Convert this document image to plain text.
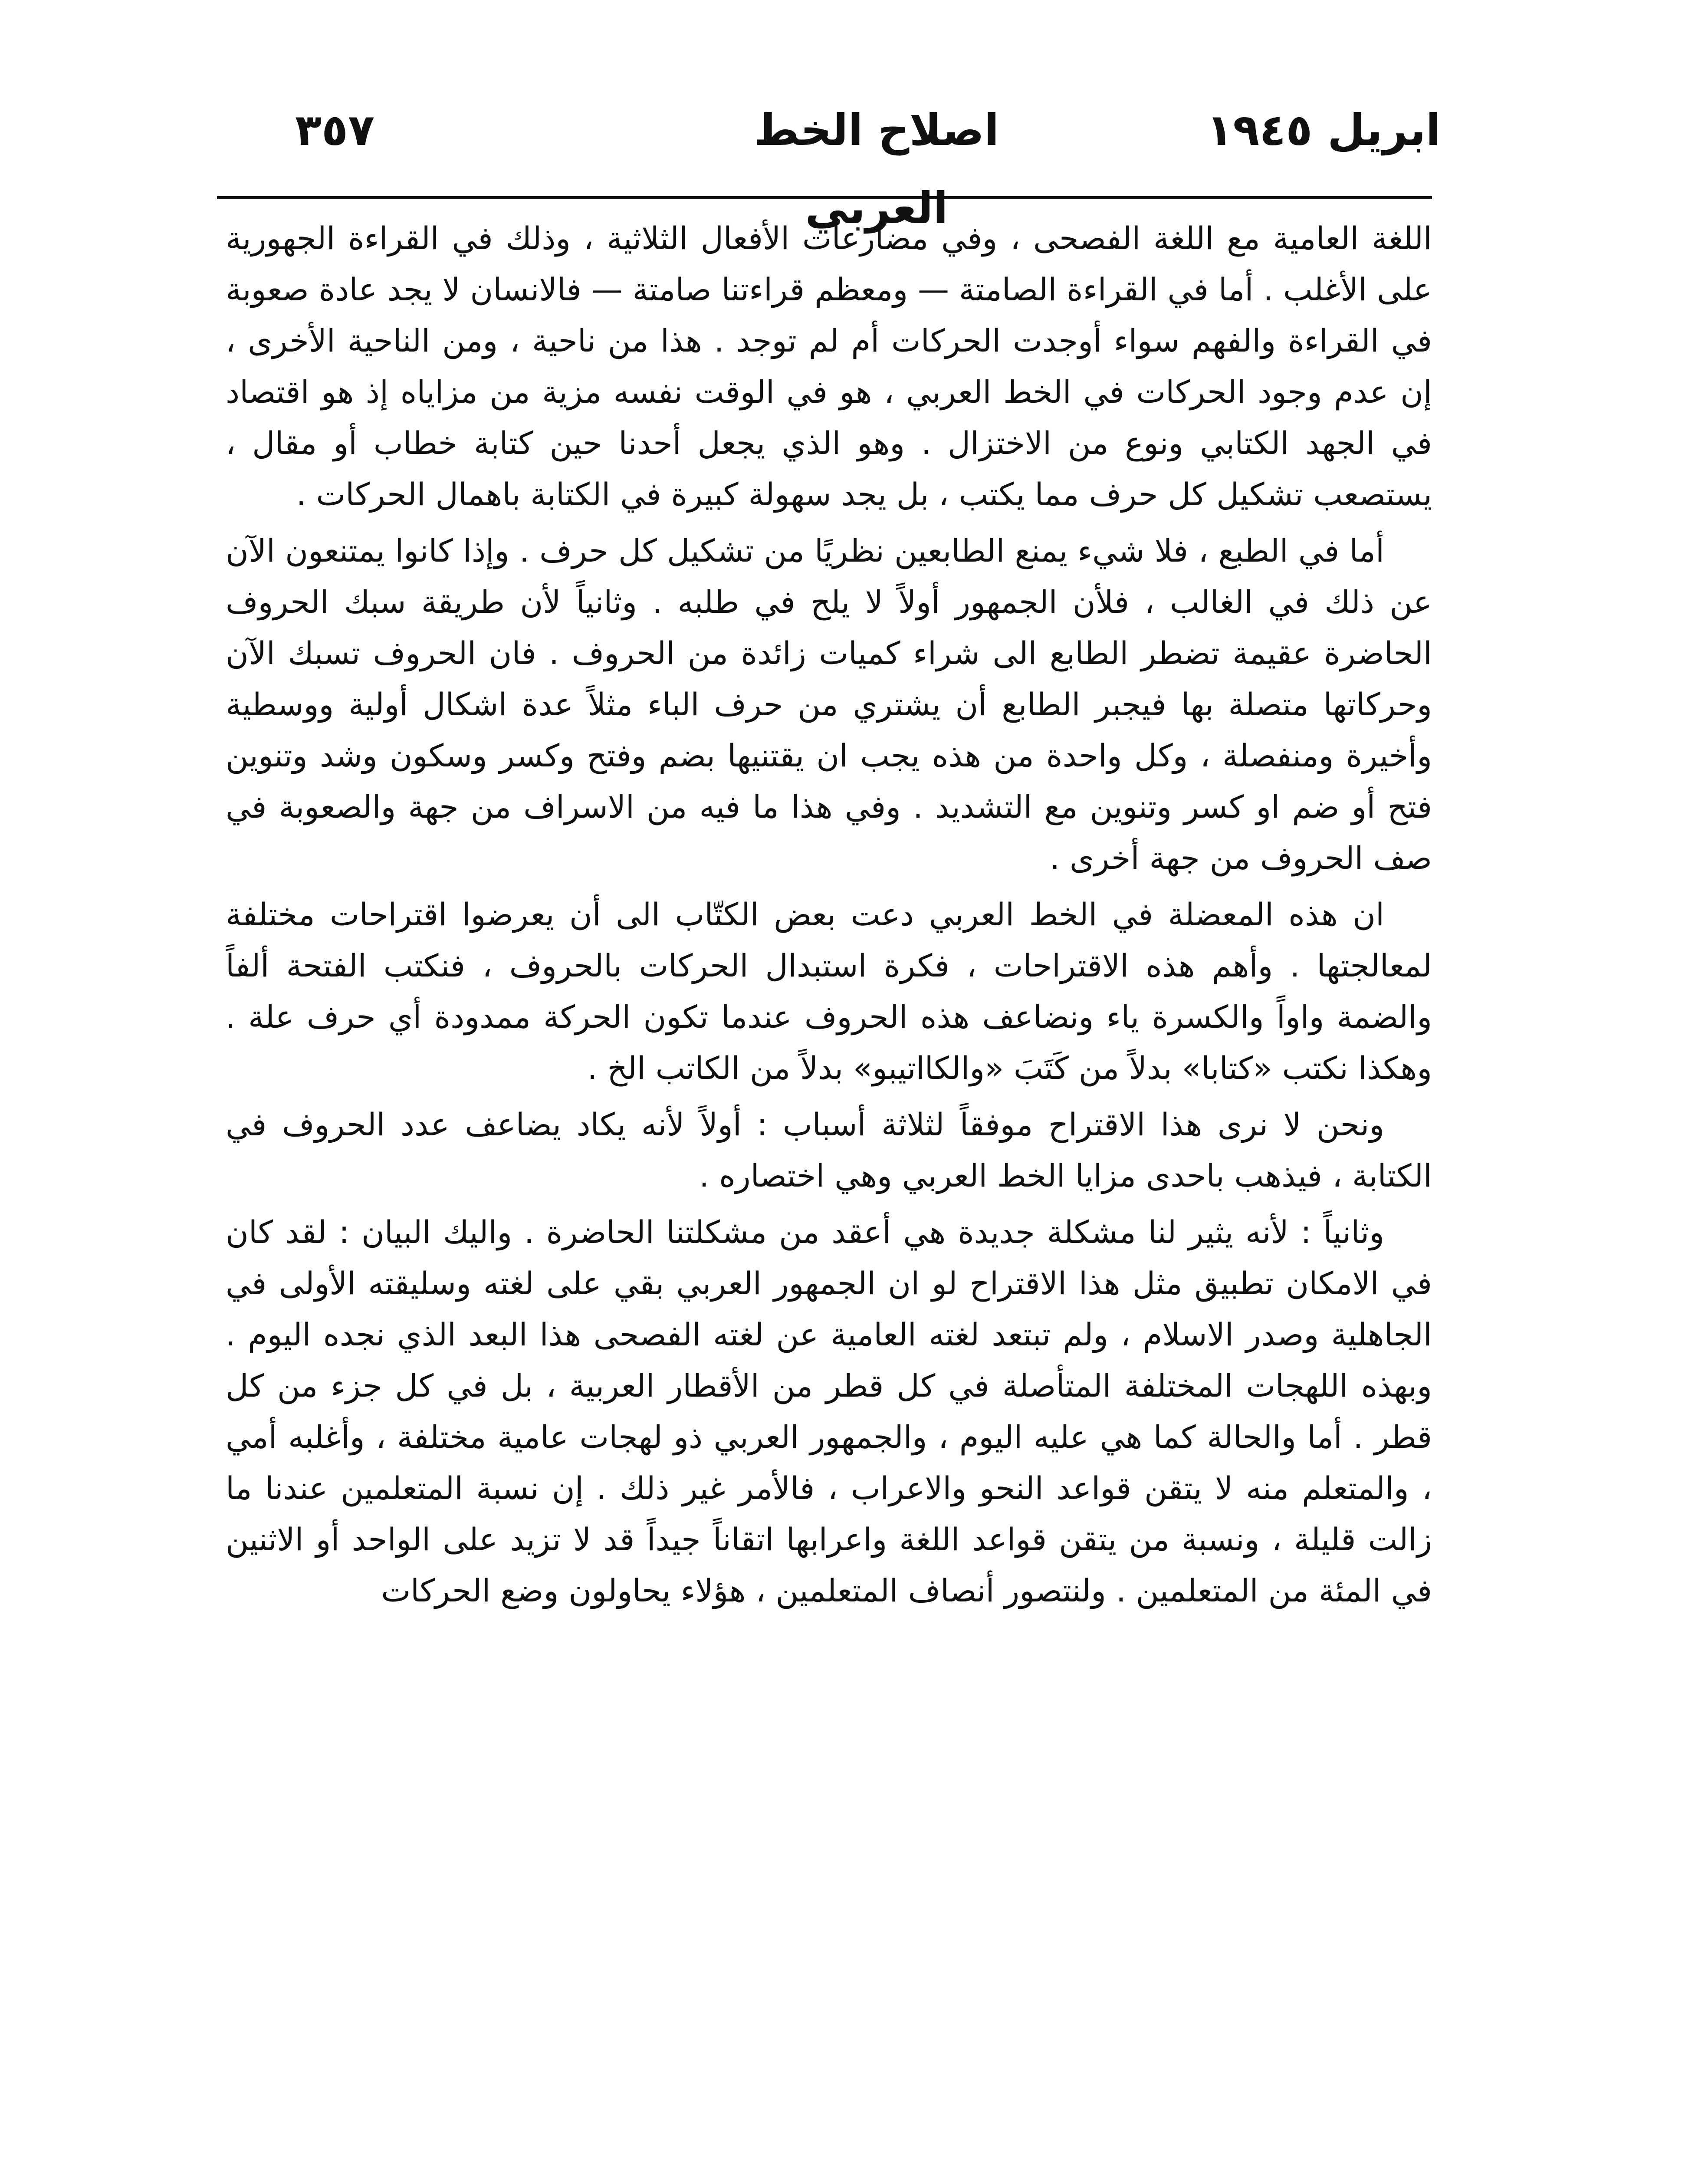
٣٥٧	اصلاح الخط العربي
ابريل ١٩٤٥

اللغة العامية مع اللغة الفصحى ، وفي مضارعات الأفعال الثلاثية ، وذلك في القراءة الجهورية على الأغلب . أما في القراءة الصامتة — ومعظم قراءتنا صامتة — فالانسان لا يجد عادة صعوبة في القراءة والفهم سواء أوجدت الحركات أم لم توجد . هذا من ناحية ، ومن الناحية الأخرى ، إن عدم وجود الحركات في الخط العربي ، هو في الوقت نفسه مزية من مزاياه إذ هو اقتصاد في الجهد الكتابي ونوع من الاختزال . وهو الذي يجعل أحدنا حين كتابة خطاب أو مقال ، يستصعب تشكيل كل حرف مما يكتب ، بل يجد سهولة كبيرة في الكتابة باهمال الحركات .

أما في الطبع ، فلا شيء يمنع الطابعين نظريًا من تشكيل كل حرف . وإذا كانوا يمتنعون الآن عن ذلك في الغالب ، فلأن الجمهور أولاً لا يلح في طلبه . وثانياً لأن طريقة سبك الحروف الحاضرة عقيمة تضطر الطابع الى شراء كميات زائدة من الحروف . فان الحروف تسبك الآن وحركاتها متصلة بها فيجبر الطابع أن يشتري من حرف الباء مثلاً عدة اشكال أولية ووسطية وأخيرة ومنفصلة ، وكل واحدة من هذه يجب ان يقتنيها بضم وفتح وكسر وسكون وشد وتنوين فتح أو ضم او كسر وتنوين مع التشديد . وفي هذا ما فيه من الاسراف من جهة والصعوبة في صف الحروف من جهة أخرى .

ان هذه المعضلة في الخط العربي دعت بعض الكتّاب الى أن يعرضوا اقتراحات مختلفة لمعالجتها . وأهم هذه الاقتراحات ، فكرة استبدال الحركات بالحروف ، فنكتب الفتحة ألفاً والضمة واواً والكسرة ياء ونضاعف هذه الحروف عندما تكون الحركة ممدودة أي حرف علة . وهكذا نكتب «كتابا» بدلاً من كَتَبَ «والكااتيبو» بدلاً من الكاتب الخ .

ونحن لا نرى هذا الاقتراح موفقاً لثلاثة أسباب : أولاً لأنه يكاد يضاعف عدد الحروف في الكتابة ، فيذهب باحدى مزايا الخط العربي وهي اختصاره .

وثانياً : لأنه يثير لنا مشكلة جديدة هي أعقد من مشكلتنا الحاضرة . واليك البيان : لقد كان في الامكان تطبيق مثل هذا الاقتراح لو ان الجمهور العربي بقي على لغته وسليقته الأولى في الجاهلية وصدر الاسلام ، ولم تبتعد لغته العامية عن لغته الفصحى هذا البعد الذي نجده اليوم . وبهذه اللهجات المختلفة المتأصلة في كل قطر من الأقطار العربية ، بل في كل جزء من كل قطر . أما والحالة كما هي عليه اليوم ، والجمهور العربي ذو لهجات عامية مختلفة ، وأغلبه أمي ، والمتعلم منه لا يتقن قواعد النحو والاعراب ، فالأمر غير ذلك . إن نسبة المتعلمين عندنا ما زالت قليلة ، ونسبة من يتقن قواعد اللغة واعرابها اتقاناً جيداً قد لا تزيد على الواحد أو الاثنين في المئة من المتعلمين . ولنتصور أنصاف المتعلمين ، هؤلاء يحاولون وضع الحركات
